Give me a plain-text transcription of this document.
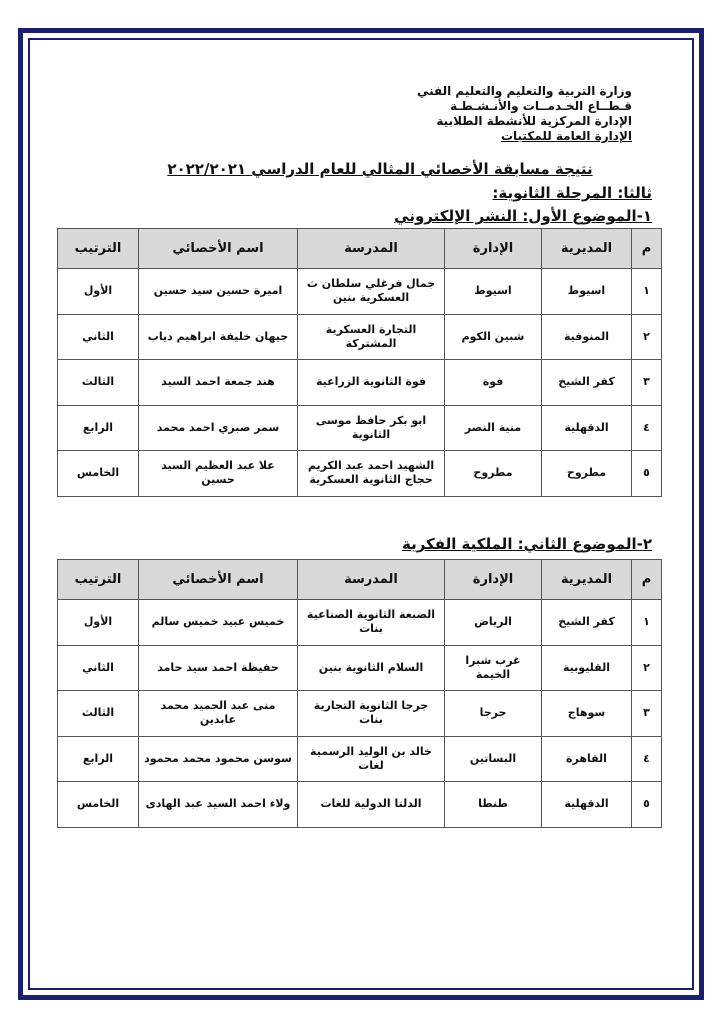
وزارة التربية والتعليم والتعليم الفني
قـطــاع الخـدمــات والأنـشـطـة
الإدارة المركزية للأنشطة الطلابية
الإدارة العامة للمكتبات
نتيجة مسابقة الأخصائي المثالي للعام الدراسي ٢٠٢٢/٢٠٢١
ثالثا: المرحلة الثانوية:
١-الموضوع الأول: النشر الإلكتروني
م	المديرية	الإدارة	المدرسة	اسم الأخصائي	الترتيب
١	اسيوط	اسيوط	جمال فرغلي سلطان ث العسكرية بنين	اميرة حسين سيد حسين	الأول
٢	المنوفية	شبين الكوم	التجارة العسكرية المشتركة	جيهان خليفة ابراهيم دياب	الثاني
٣	كفر الشيخ	فوة	فوة الثانوية الزراعية	هند جمعة احمد السيد	الثالث
٤	الدقهلية	منية النصر	ابو بكر حافظ موسى الثانوية	سمر صبري احمد محمد	الرابع
٥	مطروح	مطروح	الشهيد احمد عبد الكريم حجاج الثانوية العسكرية	علا عبد العظيم السيد حسين	الخامس
٢-الموضوع الثاني: الملكية الفكرية
م	المديرية	الإدارة	المدرسة	اسم الأخصائي	الترتيب
١	كفر الشيخ	الرياض	الضبعة الثانوية الصناعية بنات	خميس عبيد خميس سالم	الأول
٢	القليوبية	غرب شبرا الخيمة	السلام الثانوية بنين	حفيظة احمد سيد حامد	الثاني
٣	سوهاج	جرجا	جرجا الثانوية التجارية بنات	منى عبد الحميد محمد عابدين	الثالث
٤	القاهرة	البساتين	خالد بن الوليد الرسمية لغات	سوسن محمود محمد محمود	الرابع
٥	الدقهلية	طنطا	الدلتا الدولية للغات	ولاء احمد السيد عبد الهادى	الخامس
